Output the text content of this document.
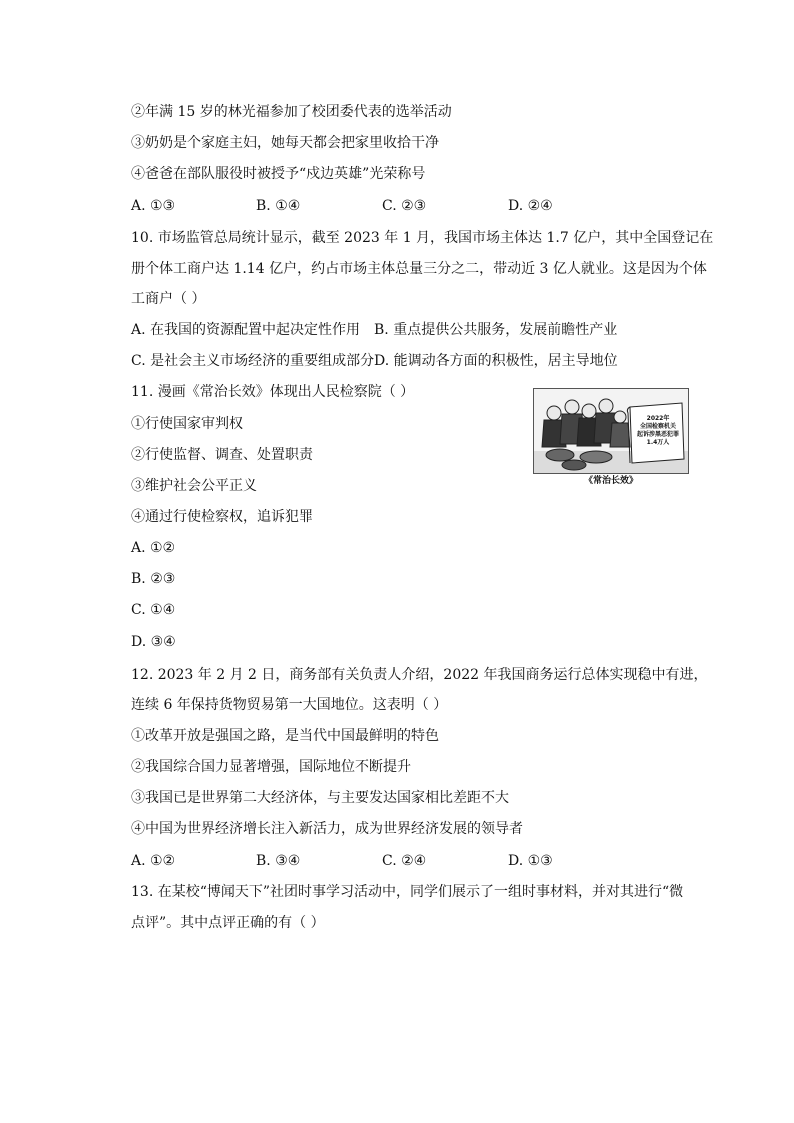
②年满 15 岁的林光福参加了校团委代表的选举活动
③奶奶是个家庭主妇，她每天都会把家里收拾干净
④爸爸在部队服役时被授予“戍边英雄”光荣称号
A. ①③	B. ①④	C. ②③	D. ②④
10. 市场监管总局统计显示，截至 2023 年 1 月，我国市场主体达 1.7 亿户，其中全国登记在
册个体工商户达 1.14 亿户，约占市场主体总量三分之二，带动近 3 亿人就业。这是因为个体
工商户（ ）
A. 在我国的资源配置中起决定性作用 B. 重点提供公共服务，发展前瞻性产业
C. 是社会主义市场经济的重要组成部分 D. 能调动各方面的积极性，居主导地位
11. 漫画《常治长效》体现出人民检察院（ ）
①行使国家审判权
②行使监督、调查、处置职责
③维护社会公平正义
④通过行使检察权，追诉犯罪
A. ①②
B. ②③
C. ①④
D. ③④
2022年
全国检察机关
起诉涉黑恶犯罪
1.4万人
《常治长效》
12. 2023 年 2 月 2 日，商务部有关负责人介绍，2022 年我国商务运行总体实现稳中有进，
连续 6 年保持货物贸易第一大国地位。这表明（ ）
①改革开放是强国之路，是当代中国最鲜明的特色
②我国综合国力显著增强，国际地位不断提升
③我国已是世界第二大经济体，与主要发达国家相比差距不大
④中国为世界经济增长注入新活力，成为世界经济发展的领导者
A. ①②	B. ③④	C. ②④	D. ①③
13. 在某校“博闻天下”社团时事学习活动中，同学们展示了一组时事材料，并对其进行“微
点评”。其中点评正确的有（ ）
